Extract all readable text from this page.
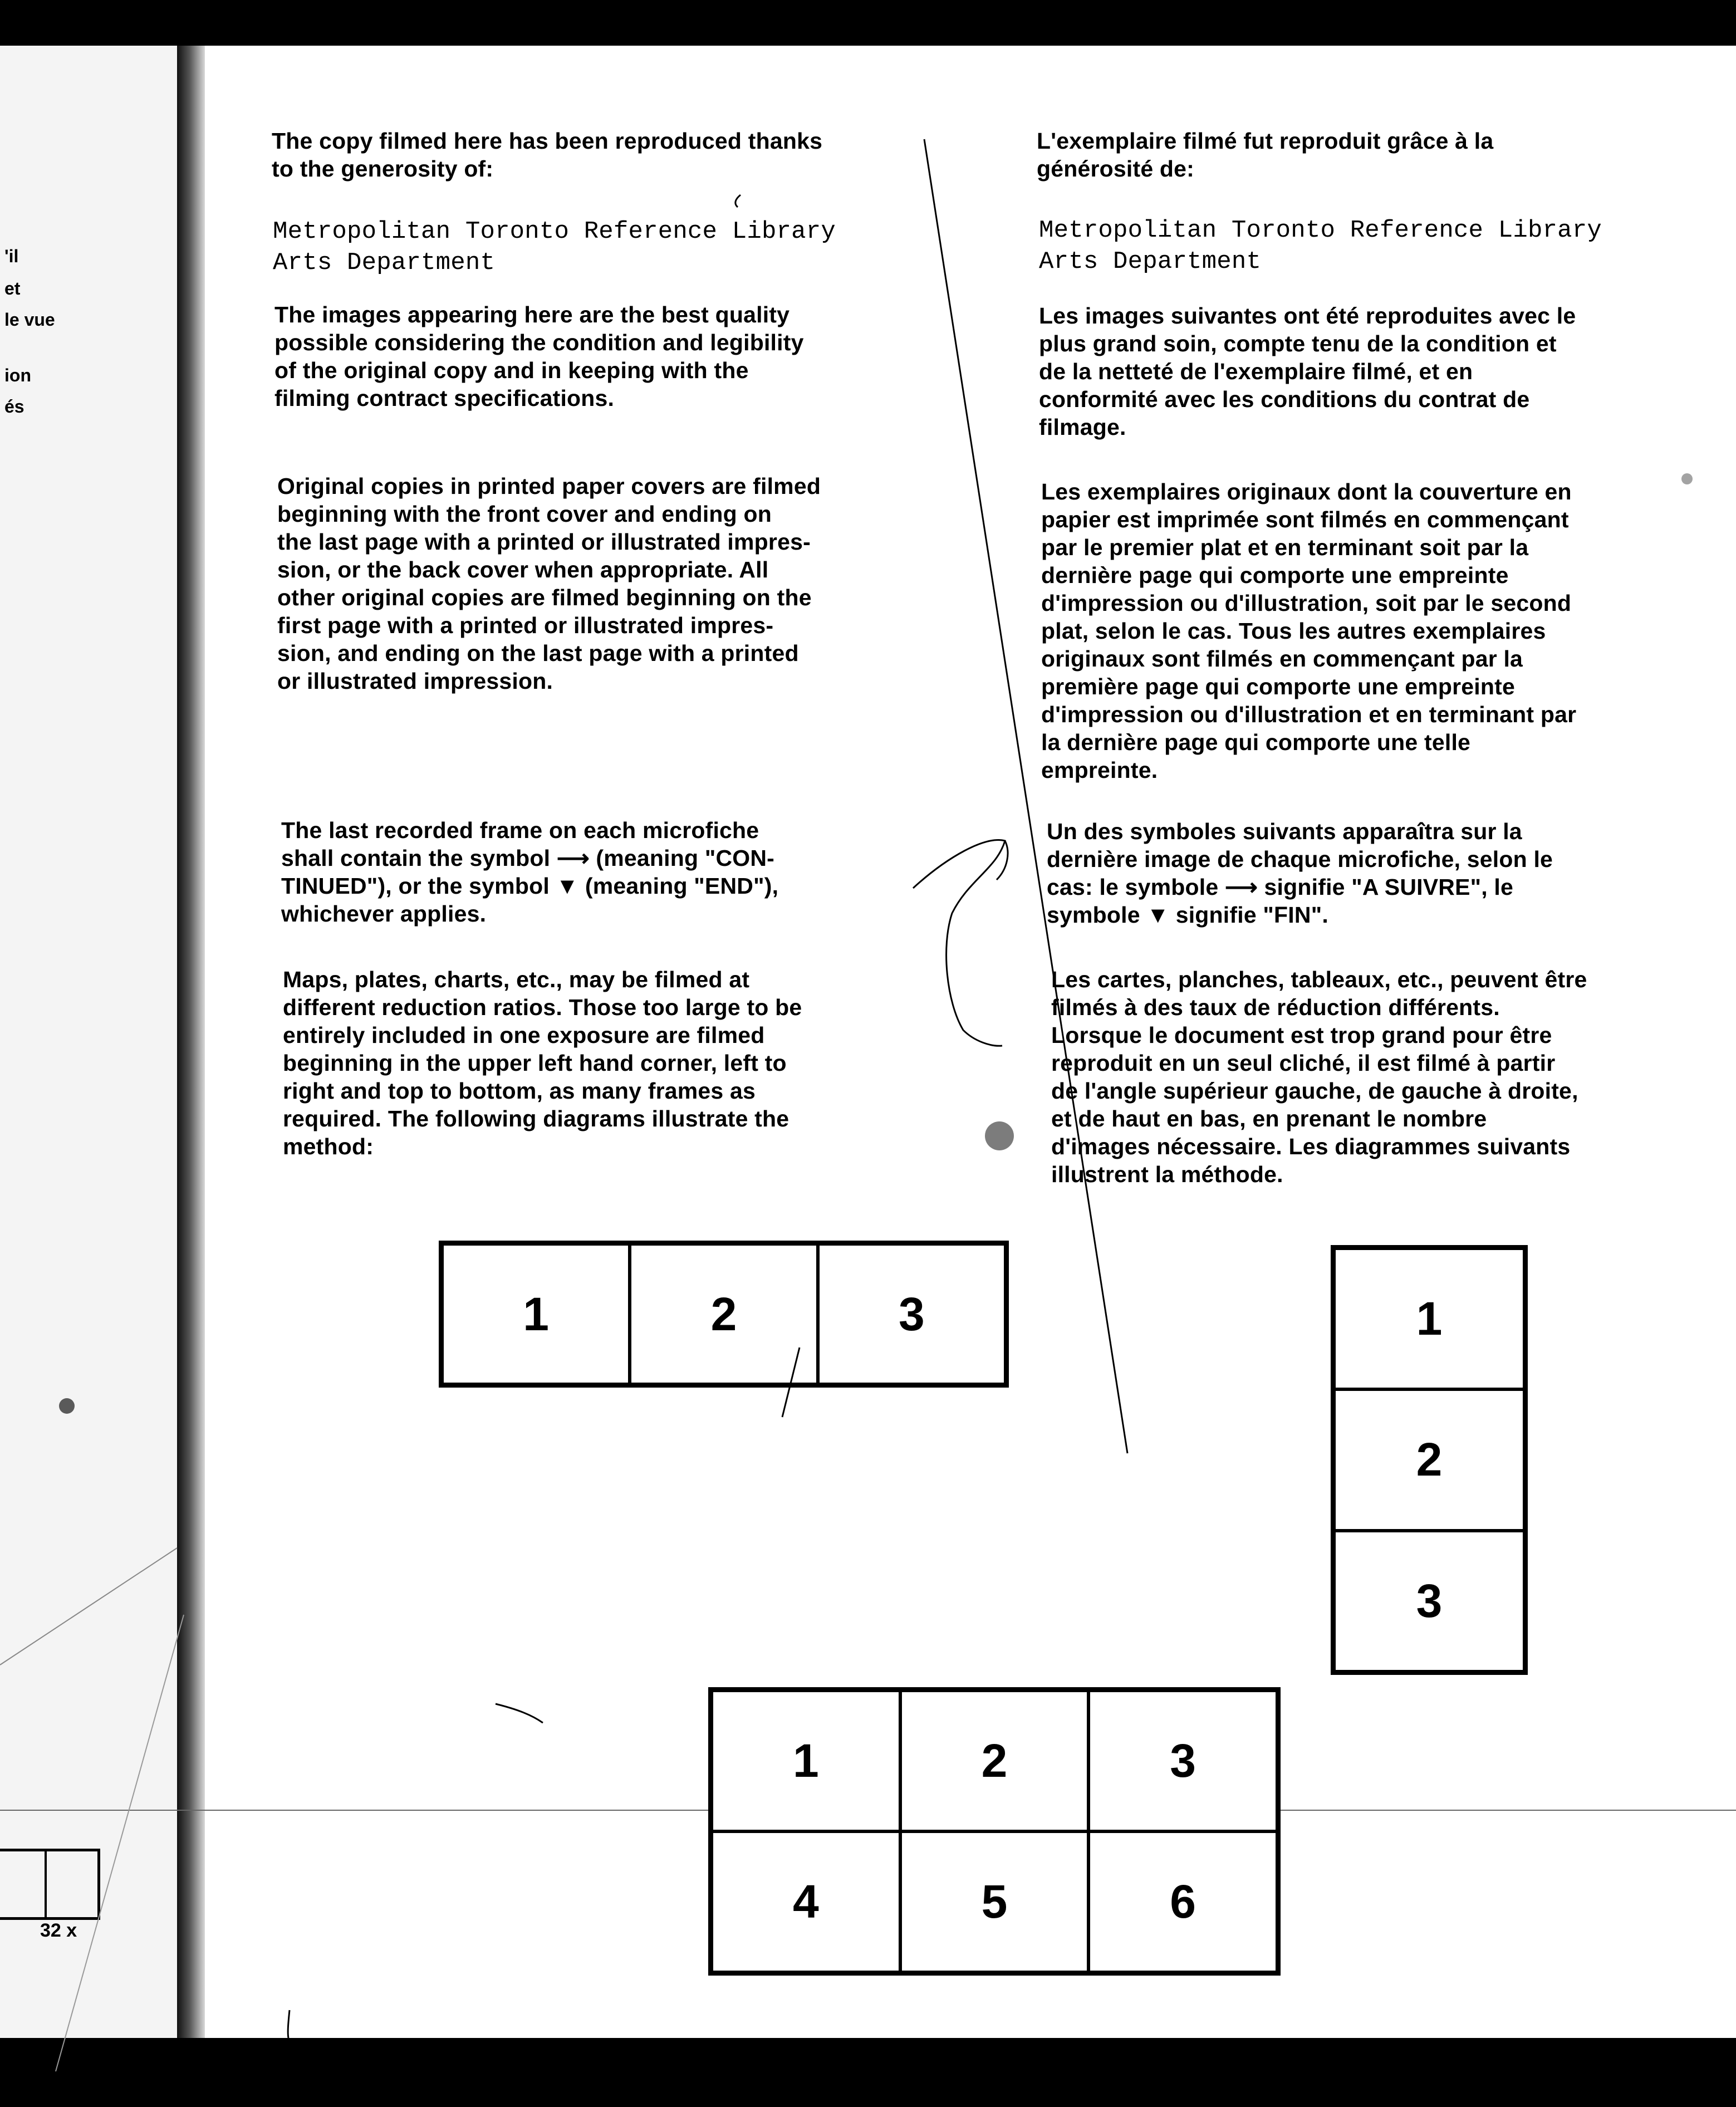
'il
et
le vue
ion
és
32 x

The copy filmed here has been reproduced thanks
to the generosity of:

Metropolitan Toronto Reference Library
Arts Department

The images appearing here are the best quality
possible considering the condition and legibility
of the original copy and in keeping with the
filming contract specifications.

Original copies in printed paper covers are filmed
beginning with the front cover and ending on
the last page with a printed or illustrated impres-
sion, or the back cover when appropriate. All
other original copies are filmed beginning on the
first page with a printed or illustrated impres-
sion, and ending on the last page with a printed
or illustrated impression.

The last recorded frame on each microfiche
shall contain the symbol ⟶ (meaning "CON-
TINUED"), or the symbol ▼ (meaning "END"),
whichever applies.

Maps, plates, charts, etc., may be filmed at
different reduction ratios. Those too large to be
entirely included in one exposure are filmed
beginning in the upper left hand corner, left to
right and top to bottom, as many frames as
required. The following diagrams illustrate the
method:

L'exemplaire filmé fut reproduit grâce à la
générosité de:

Metropolitan Toronto Reference Library
Arts Department

Les images suivantes ont été reproduites avec le
plus grand soin, compte tenu de la condition et
de la netteté de l'exemplaire filmé, et en
conformité avec les conditions du contrat de
filmage.

Les exemplaires originaux dont la couverture en
papier est imprimée sont filmés en commençant
par le premier plat et en terminant soit par la
dernière page qui comporte une empreinte
d'impression ou d'illustration, soit par le second
plat, selon le cas. Tous les autres exemplaires
originaux sont filmés en commençant par la
première page qui comporte une empreinte
d'impression ou d'illustration et en terminant par
la dernière page qui comporte une telle
empreinte.

Un des symboles suivants apparaîtra sur la
dernière image de chaque microfiche, selon le
cas: le symbole ⟶ signifie "A SUIVRE", le
symbole ▼ signifie "FIN".

Les cartes, planches, tableaux, etc., peuvent être
filmés à des taux de réduction différents.
Lorsque le document est trop grand pour être
reproduit en un seul cliché, il est filmé à partir
de l'angle supérieur gauche, de gauche à droite,
et de haut en bas, en prenant le nombre
d'images nécessaire. Les diagrammes suivants
illustrent la méthode.

1	2	3	1
2
3
1	2	3
4	5	6
